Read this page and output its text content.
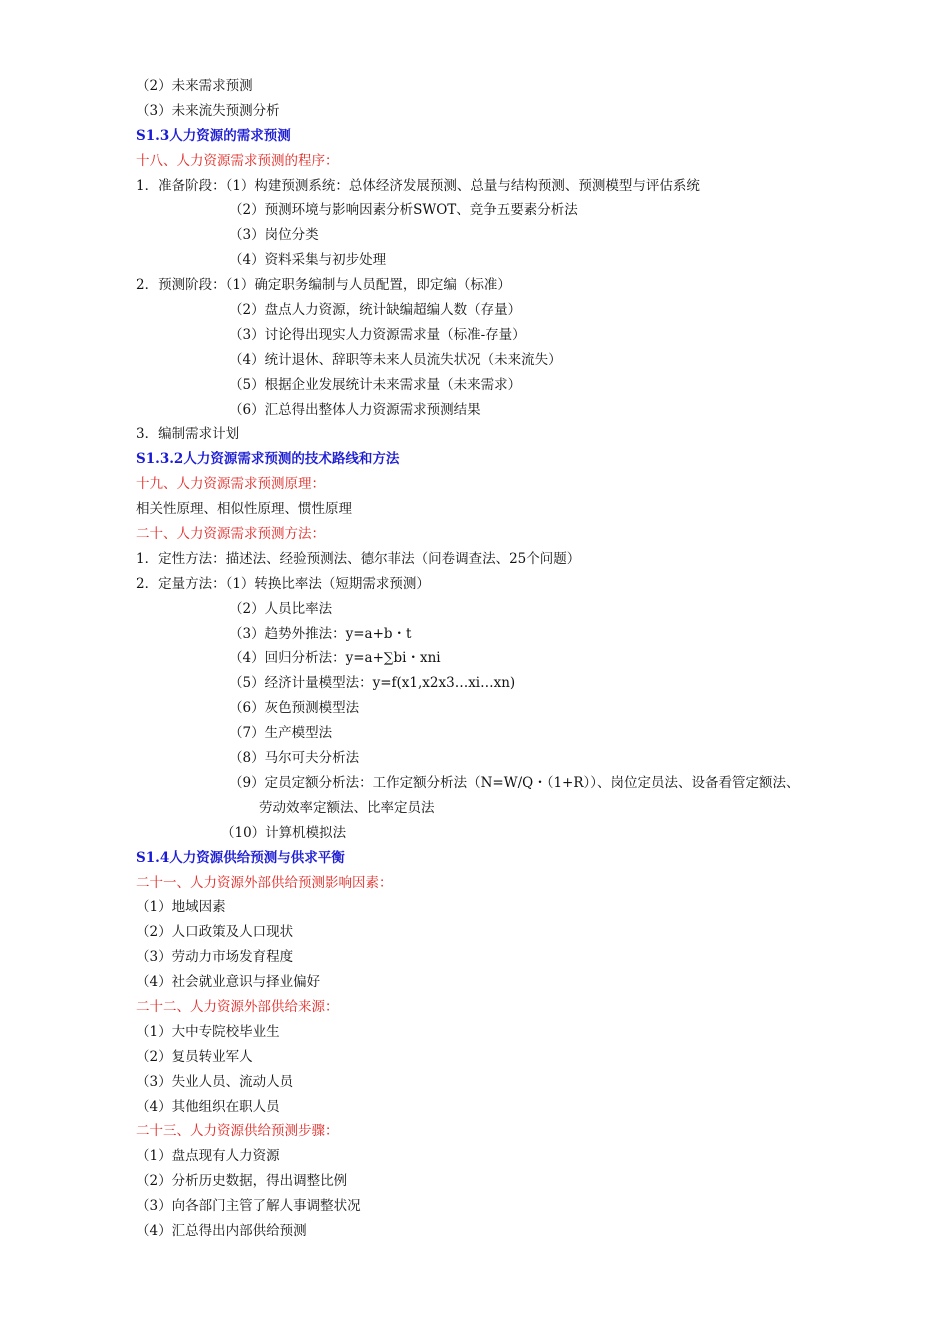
（2）未来需求预测
（3）未来流失预测分析
S1.3人力资源的需求预测
十八、人力资源需求预测的程序：
1．准备阶段：（1）构建预测系统：总体经济发展预测、总量与结构预测、预测模型与评估系统
（2）预测环境与影响因素分析SWOT、竞争五要素分析法
（3）岗位分类
（4）资料采集与初步处理
2．预测阶段：（1）确定职务编制与人员配置，即定编（标准）
（2）盘点人力资源，统计缺编超编人数（存量）
（3）讨论得出现实人力资源需求量（标准-存量）
（4）统计退休、辞职等未来人员流失状况（未来流失）
（5）根据企业发展统计未来需求量（未来需求）
（6）汇总得出整体人力资源需求预测结果
3．编制需求计划
S1.3.2人力资源需求预测的技术路线和方法
十九、人力资源需求预测原理：
相关性原理、相似性原理、惯性原理
二十、人力资源需求预测方法：
1．定性方法：描述法、经验预测法、德尔菲法（问卷调查法、25个问题）
2．定量方法：（1）转换比率法（短期需求预测）
（2）人员比率法
（3）趋势外推法：y=a+b・t
（4）回归分析法：y=a+∑bi・xni
（5）经济计量模型法：y=f(x1,x2x3…xi…xn)
（6）灰色预测模型法
（7）生产模型法
（8）马尔可夫分析法
（9）定员定额分析法：工作定额分析法（N=W/Q・（1+R））、岗位定员法、设备看管定额法、
劳动效率定额法、比率定员法
（10）计算机模拟法
S1.4人力资源供给预测与供求平衡
二十一、人力资源外部供给预测影响因素：
（1）地域因素
（2）人口政策及人口现状
（3）劳动力市场发育程度
（4）社会就业意识与择业偏好
二十二、人力资源外部供给来源：
（1）大中专院校毕业生
（2）复员转业军人
（3）失业人员、流动人员
（4）其他组织在职人员
二十三、人力资源供给预测步骤：
（1）盘点现有人力资源
（2）分析历史数据，得出调整比例
（3）向各部门主管了解人事调整状况
（4）汇总得出内部供给预测
